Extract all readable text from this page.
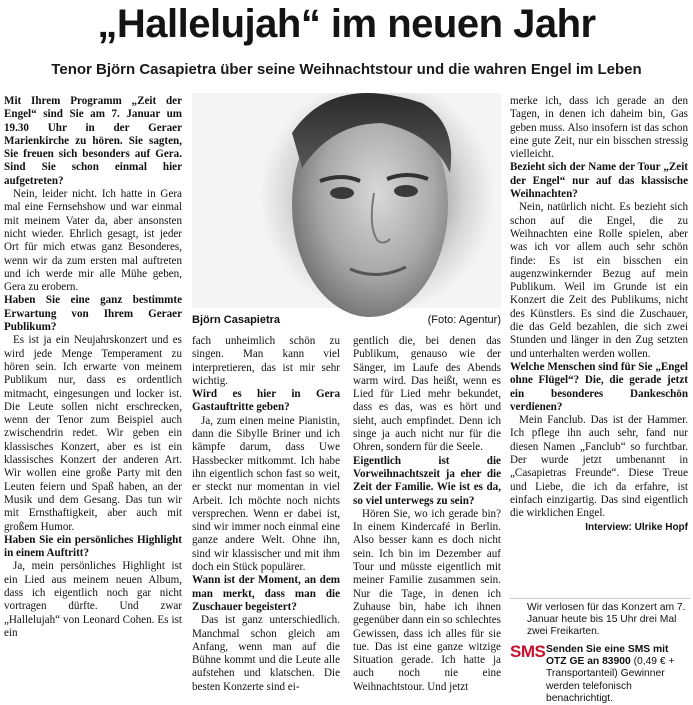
„Hallelujah“ im neuen Jahr
Tenor Björn Casapietra über seine Weihnachtstour und die wahren Engel im Leben

Mit Ihrem Programm „Zeit der Engel“ sind Sie am 7. Januar um 19.30 Uhr in der Geraer Marienkirche zu hören. Sie sagten, Sie freuen sich besonders auf Gera. Sind Sie schon einmal hier aufgetreten?

Nein, leider nicht. Ich hatte in Gera mal eine Fernsehshow und war einmal mit meinem Vater da, aber ansonsten nicht wieder. Ehrlich gesagt, ist jeder Ort für mich etwas ganz Besonderes, wenn wir da zum ersten mal auftreten und ich werde mir alle Mühe geben, Gera zu erobern.

Haben Sie eine ganz bestimmte Erwartung von Ihrem Geraer Publikum?

Es ist ja ein Neujahrskonzert und es wird jede Menge Temperament zu hören sein. Ich erwarte von meinem Publikum nur, dass es ordentlich mitmacht, eingesungen und locker ist. Die Leute sollen nicht erschrecken, wenn der Tenor zum Beispiel auch zwischendrin redet. Wir geben ein klassisches Konzert, aber es ist ein klassisches Konzert der anderen Art. Wir wollen eine große Party mit den Leuten feiern und Spaß haben, an der Musik und dem Gesang. Das tun wir mit Ernsthaftigkeit, aber auch mit großem Humor.

Haben Sie ein persönliches Highlight in einem Auftritt?

Ja, mein persönliches Highlight ist ein Lied aus meinem neuen Album, dass ich eigentlich noch gar nicht vortragen dürfte. Und zwar „Hallelujah“ von Leonard Cohen. Es ist ein

Björn Casapietra	(Foto: Agentur)

fach unheimlich schön zu singen. Man kann viel interpretieren, das ist mir sehr wichtig.

Wird es hier in Gera Gastauftritte geben?

Ja, zum einen meine Pianistin, dann die Sibylle Briner und ich kämpfe darum, dass Uwe Hassbecker mitkommt. Ich habe ihn eigentlich schon fast so weit, er steckt nur momentan in viel Arbeit. Ich möchte noch nichts versprechen. Wenn er dabei ist, sind wir immer noch einmal eine ganze andere Welt. Ohne ihn, sind wir klassischer und mit ihm doch ein Stück populärer.

Wann ist der Moment, an dem man merkt, dass man die Zuschauer begeistert?

Das ist ganz unterschiedlich. Manchmal schon gleich am Anfang, wenn man auf die Bühne kommt und die Leute alle aufstehen und klatschen. Die besten Konzerte sind ei-

gentlich die, bei denen das Publikum, genauso wie der Sänger, im Laufe des Abends warm wird. Das heißt, wenn es Lied für Lied mehr bekundet, dass es das, was es hört und sieht, auch empfindet. Denn ich singe ja auch nicht nur für die Ohren, sondern für die Seele.

Eigentlich ist die Vorweihnachtszeit ja eher die Zeit der Familie. Wie ist es da, so viel unterwegs zu sein?

Hören Sie, wo ich gerade bin? In einem Kindercafé in Berlin. Also besser kann es doch nicht sein. Ich bin im Dezember auf Tour und müsste eigentlich mit meiner Familie zusammen sein. Nur die Tage, in denen ich Zuhause bin, habe ich ihnen gegenüber dann ein so schlechtes Gewissen, dass ich alles für sie tue. Das ist eine ganze witzige Situation gerade. Ich hatte ja auch noch nie eine Weihnachtstour. Und jetzt

merke ich, dass ich gerade an den Tagen, in denen ich daheim bin, Gas geben muss. Also insofern ist das schon eine gute Zeit, nur ein bisschen stressig vielleicht.

Bezieht sich der Name der Tour „Zeit der Engel“ nur auf das klassische Weihnachten?

Nein, natürlich nicht. Es bezieht sich schon auf die Engel, die zu Weihnachten eine Rolle spielen, aber was ich vor allem auch sehr schön finde: Es ist ein bisschen ein augenzwinkernder Bezug auf mein Publikum. Weil im Grunde ist ein Konzert die Zeit des Publikums, nicht des Künstlers. Es sind die Zuschauer, die das Geld bezahlen, die sich zwei Stunden und länger in den Zug setzten und unterhalten werden wollen.

Welche Menschen sind für Sie „Engel ohne Flügel“? Die, die gerade jetzt ein besonderes Dankeschön verdienen?

Mein Fanclub. Das ist der Hammer. Ich pflege ihn auch sehr, fand nur diesen Namen „Fanclub“ so furchtbar. Der wurde jetzt umbenannt in „Casapietras Freunde“. Diese Treue und Liebe, die ich da erfahre, ist einfach einzigartig. Das sind eigentlich die wirklichen Engel.

Interview: Ulrike Hopf
Wir verlosen für das Konzert am 7. Januar heute bis 15 Uhr drei Mal zwei Freikarten.
SMS Senden Sie eine SMS mit OTZ GE an 83900 (0,49 € + Transportanteil) Gewinner werden telefonisch benachrichtigt.
